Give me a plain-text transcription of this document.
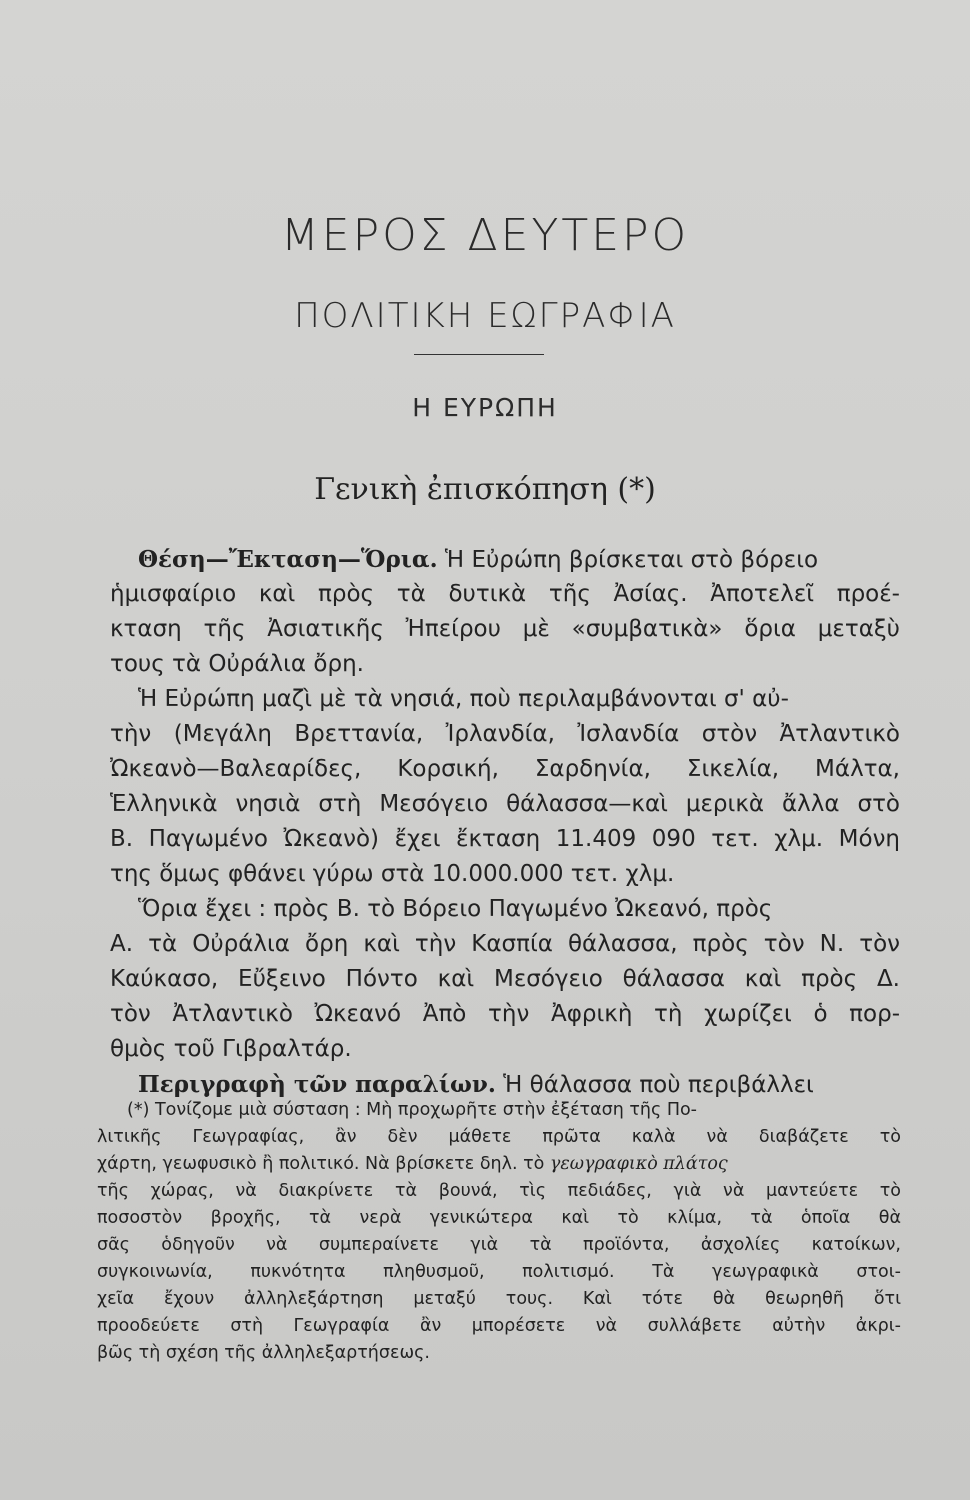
ΜΕΡΟΣ ΔΕΥΤΕΡΟ
ΠΟΛΙΤΙΚΗ ΕΩΓΡΑΦΙΑ
Η ΕΥΡΩΠΗ
Γενικὴ ἐπισκόπηση (*)
Θέση—Ἔκταση—Ὅρια. Ἡ Εὐρώπη βρίσκεται στὸ βόρειο
ἡμισφαίριο καὶ πρὸς τὰ δυτικὰ τῆς Ἀσίας. Ἀποτελεῖ προέ-
κταση τῆς Ἀσιατικῆς Ἠπείρου μὲ «συμβατικὰ» ὅρια μεταξὺ
τους τὰ Οὐράλια ὄρη.
Ἡ Εὐρώπη μαζὶ μὲ τὰ νησιά, ποὺ περιλαμβάνονται σ' αὐ-
τὴν (Μεγάλη Βρεττανία, Ἰρλανδία, Ἰσλανδία στὸν Ἀτλαντικὸ
Ὠκεανὸ—Βαλεαρίδες, Κορσική, Σαρδηνία, Σικελία, Μάλτα,
Ἑλληνικὰ νησιὰ στὴ Μεσόγειο θάλασσα—καὶ μερικὰ ἄλλα στὸ
Β. Παγωμένο Ὠκεανὸ) ἔχει ἔκταση 11.409 090 τετ. χλμ. Μόνη
της ὅμως φθάνει γύρω στὰ 10.000.000 τετ. χλμ.
Ὅρια ἔχει : πρὸς Β. τὸ Βόρειο Παγωμένο Ὠκεανό, πρὸς
Α. τὰ Οὐράλια ὄρη καὶ τὴν Κασπία θάλασσα, πρὸς τὸν Ν. τὸν
Καύκασο, Εὔξεινο Πόντο καὶ Μεσόγειο θάλασσα καὶ πρὸς Δ.
τὸν Ἀτλαντικὸ Ὠκεανό Ἀπὸ τὴν Ἀφρικὴ τὴ χωρίζει ὁ πορ-
θμὸς τοῦ Γιβραλτάρ.
Περιγραφὴ τῶν παραλίων. Ἡ θάλασσα ποὺ περιβάλλει
(*) Τονίζομε μιὰ σύσταση : Μὴ προχωρῆτε στὴν ἐξέταση τῆς Πο-
λιτικῆς Γεωγραφίας, ἂν δὲν μάθετε πρῶτα καλὰ νὰ διαβάζετε τὸ
χάρτη, γεωφυσικὸ ἢ πολιτικό. Νὰ βρίσκετε δηλ. τὸ γεωγραφικὸ πλάτος
τῆς χώρας, νὰ διακρίνετε τὰ βουνά, τὶς πεδιάδες, γιὰ νὰ μαντεύετε τὸ
ποσοστὸν βροχῆς, τὰ νερὰ γενικώτερα καὶ τὸ κλίμα, τὰ ὁποῖα θὰ
σᾶς ὁδηγοῦν νὰ συμπεραίνετε γιὰ τὰ προϊόντα, ἀσχολίες κατοίκων,
συγκοινωνία, πυκνότητα πληθυσμοῦ, πολιτισμό. Τὰ γεωγραφικὰ στοι-
χεῖα ἔχουν ἀλληλεξάρτηση μεταξύ τους. Καὶ τότε θὰ θεωρηθῆ ὅτι
προοδεύετε στὴ Γεωγραφία ἂν μπορέσετε νὰ συλλάβετε αὐτὴν ἀκρι-
βῶς τὴ σχέση τῆς ἀλληλεξαρτήσεως.
